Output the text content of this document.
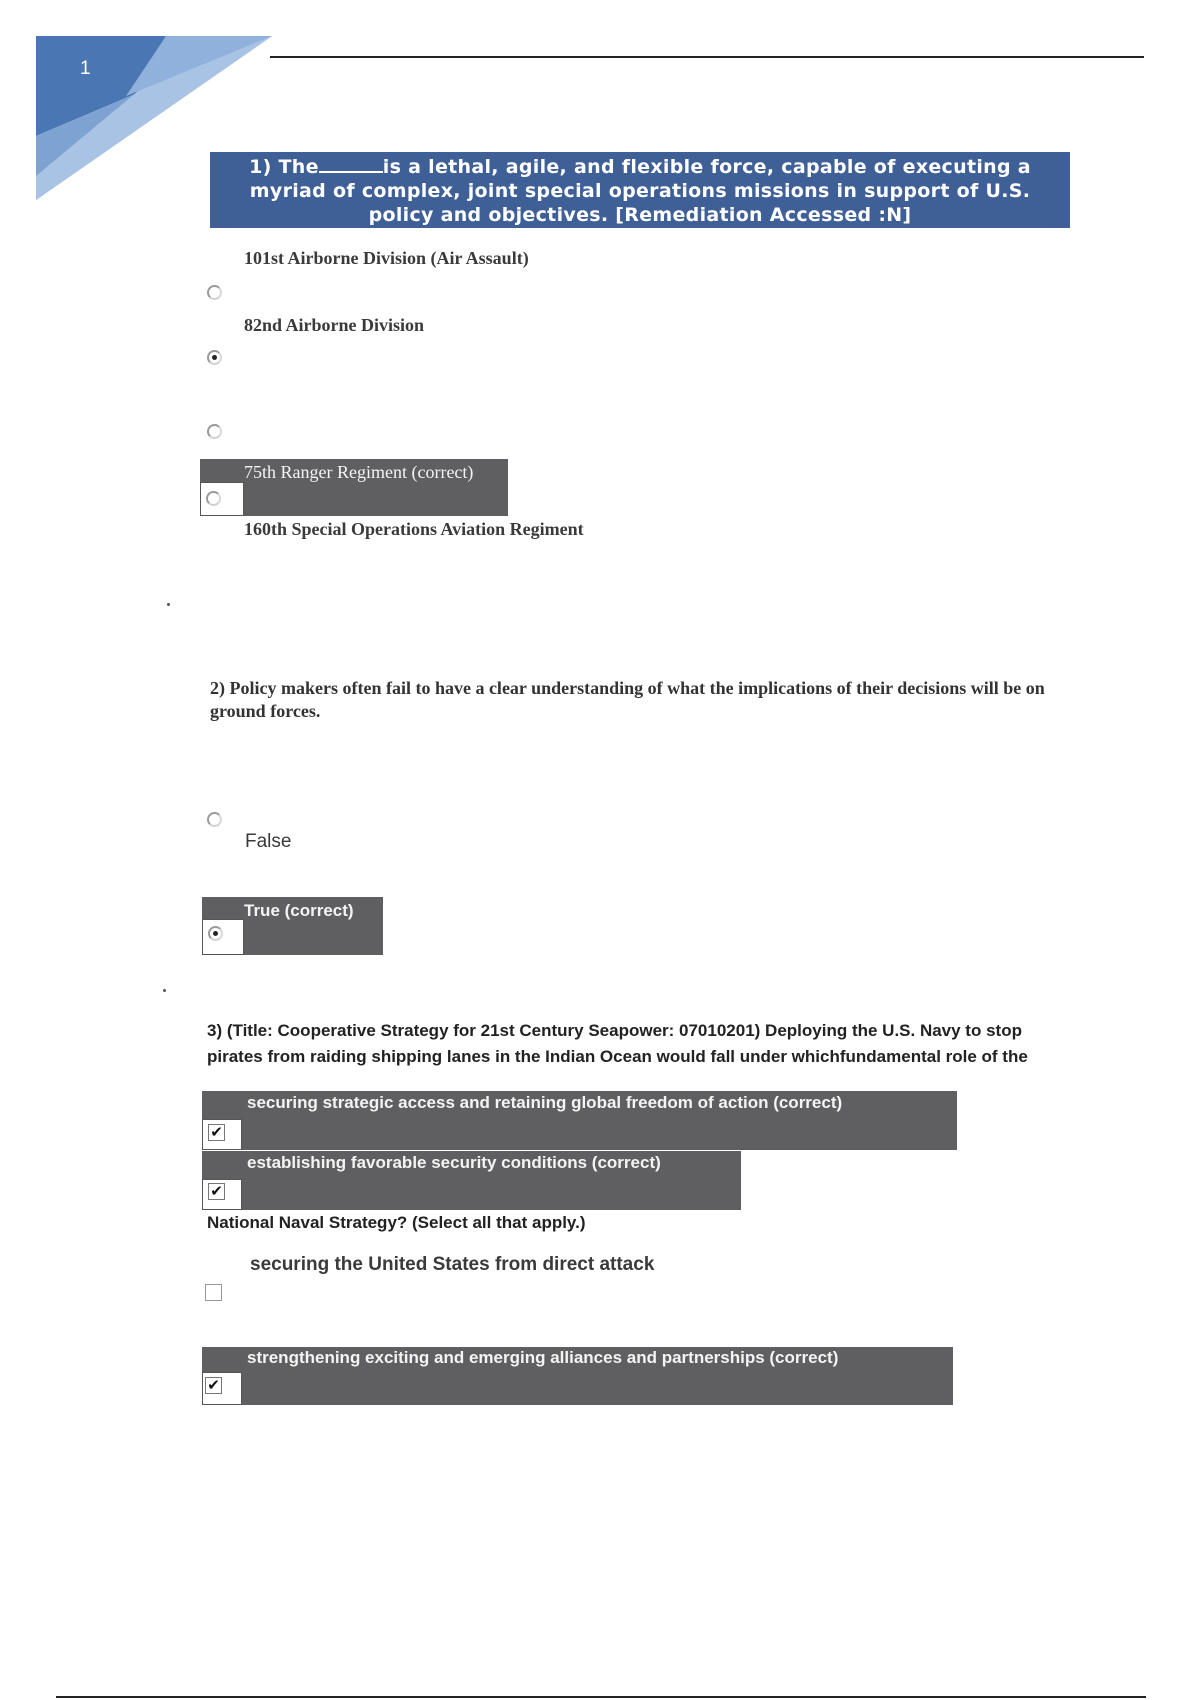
1
1) The	is a lethal, agile, and flexible force, capable of executing a
myriad of complex, joint special operations missions in support of U.S.
policy and objectives. [Remediation Accessed :N]
101st Airborne Division (Air Assault)
82nd Airborne Division
75th Ranger Regiment (correct)
160th Special Operations Aviation Regiment
2) Policy makers often fail to have a clear understanding of what the implications of their decisions will be on ground forces.
False
True (correct)
3) (Title: Cooperative Strategy for 21st Century Seapower: 07010201) Deploying the U.S. Navy to stop
pirates from raiding shipping lanes in the Indian Ocean would fall under whichfundamental role of the
✔
securing strategic access and retaining global freedom of action (correct)
✔
establishing favorable security conditions (correct)
National Naval Strategy? (Select all that apply.)
securing the United States from direct attack
✔
strengthening exciting and emerging alliances and partnerships (correct)
